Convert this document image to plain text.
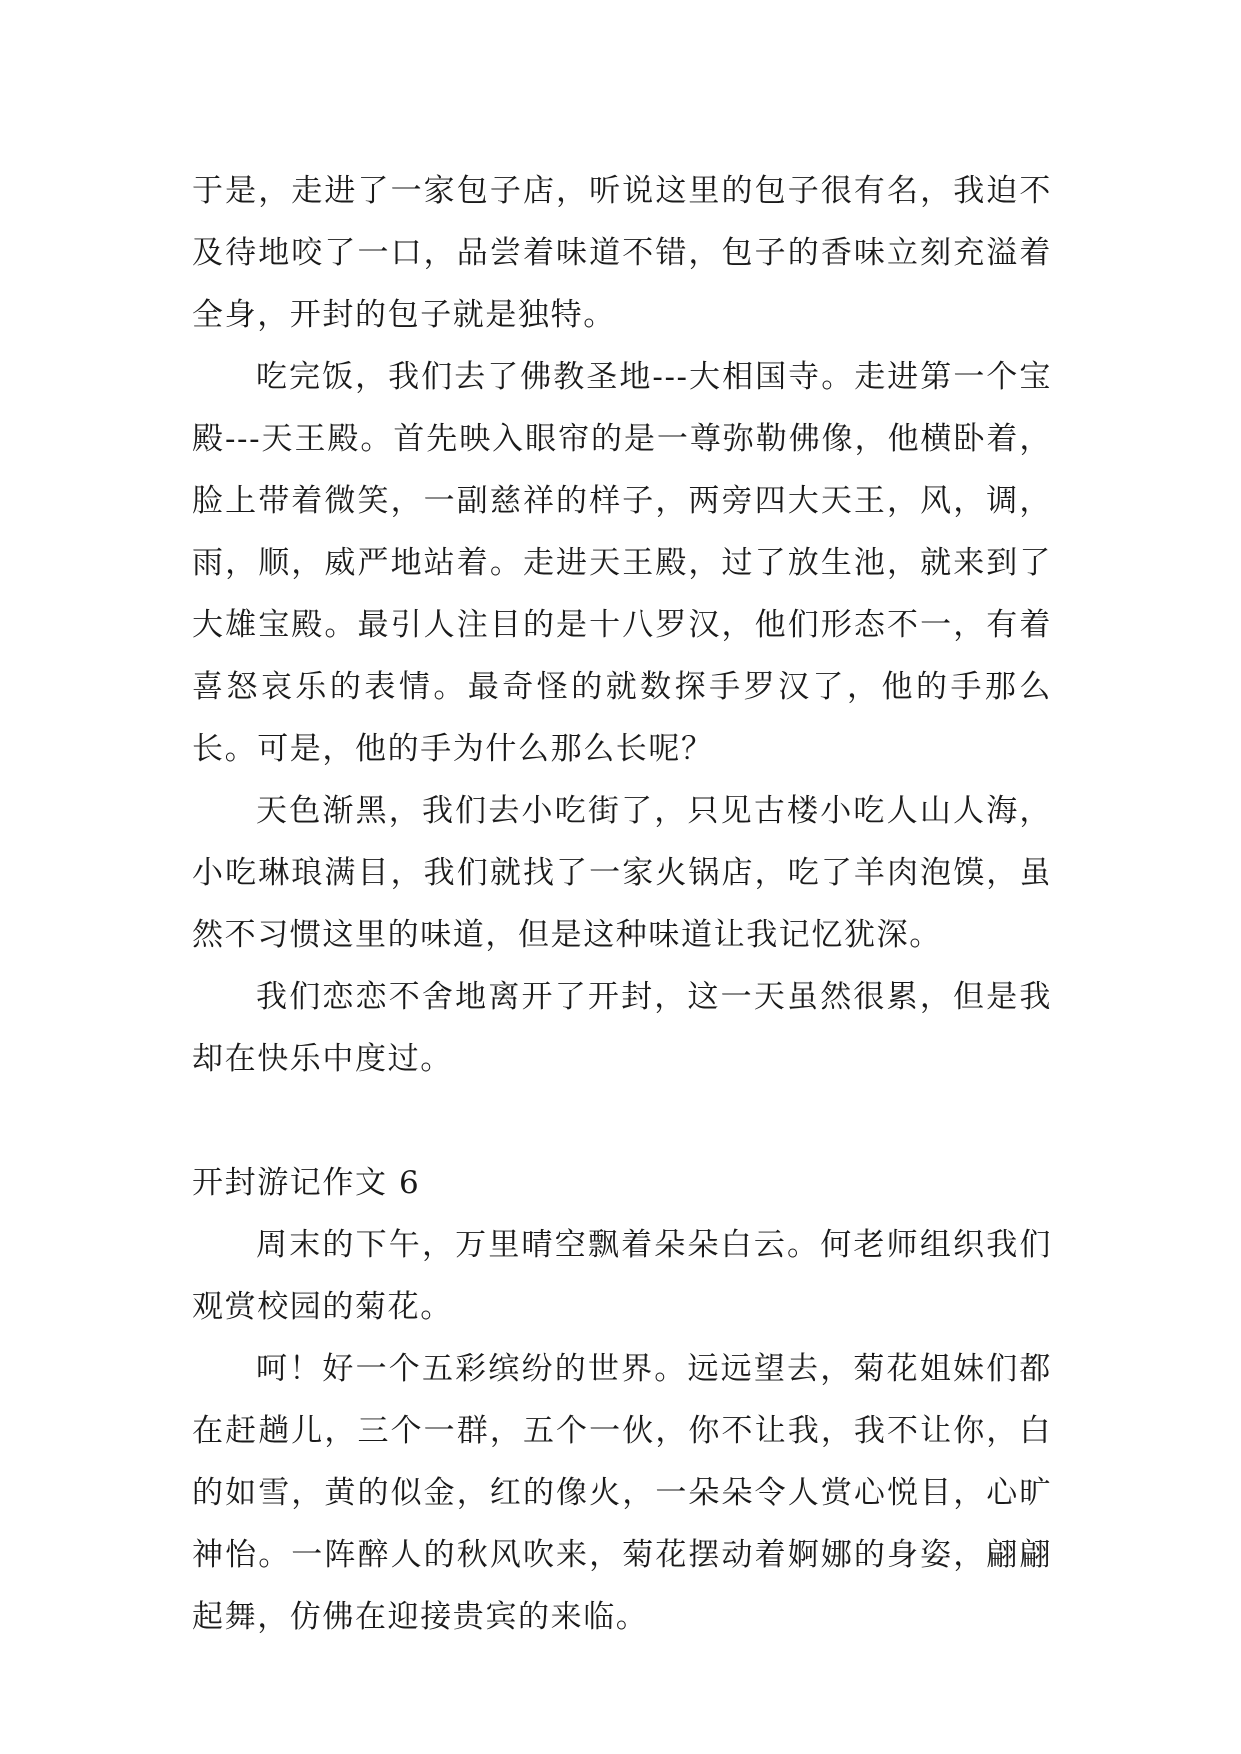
于是，走进了一家包子店，听说这里的包子很有名，我迫不及待地咬了一口，品尝着味道不错，包子的香味立刻充溢着全身，开封的包子就是独特。

吃完饭，我们去了佛教圣地---大相国寺。走进第一个宝殿---天王殿。首先映入眼帘的是一尊弥勒佛像，他横卧着，脸上带着微笑，一副慈祥的样子，两旁四大天王，风，调，雨，顺，威严地站着。走进天王殿，过了放生池，就来到了大雄宝殿。最引人注目的是十八罗汉，他们形态不一，有着喜怒哀乐的表情。最奇怪的就数探手罗汉了，他的手那么长。可是，他的手为什么那么长呢？

天色渐黑，我们去小吃街了，只见古楼小吃人山人海，小吃琳琅满目，我们就找了一家火锅店，吃了羊肉泡馍，虽然不习惯这里的味道，但是这种味道让我记忆犹深。

我们恋恋不舍地离开了开封，这一天虽然很累，但是我却在快乐中度过。

开封游记作文 6

周末的下午，万里晴空飘着朵朵白云。何老师组织我们观赏校园的菊花。

呵！好一个五彩缤纷的世界。远远望去，菊花姐妹们都在赶趟儿，三个一群，五个一伙，你不让我，我不让你，白的如雪，黄的似金，红的像火，一朵朵令人赏心悦目，心旷神怡。一阵醉人的秋风吹来，菊花摆动着婀娜的身姿，翩翩起舞，仿佛在迎接贵宾的来临。
